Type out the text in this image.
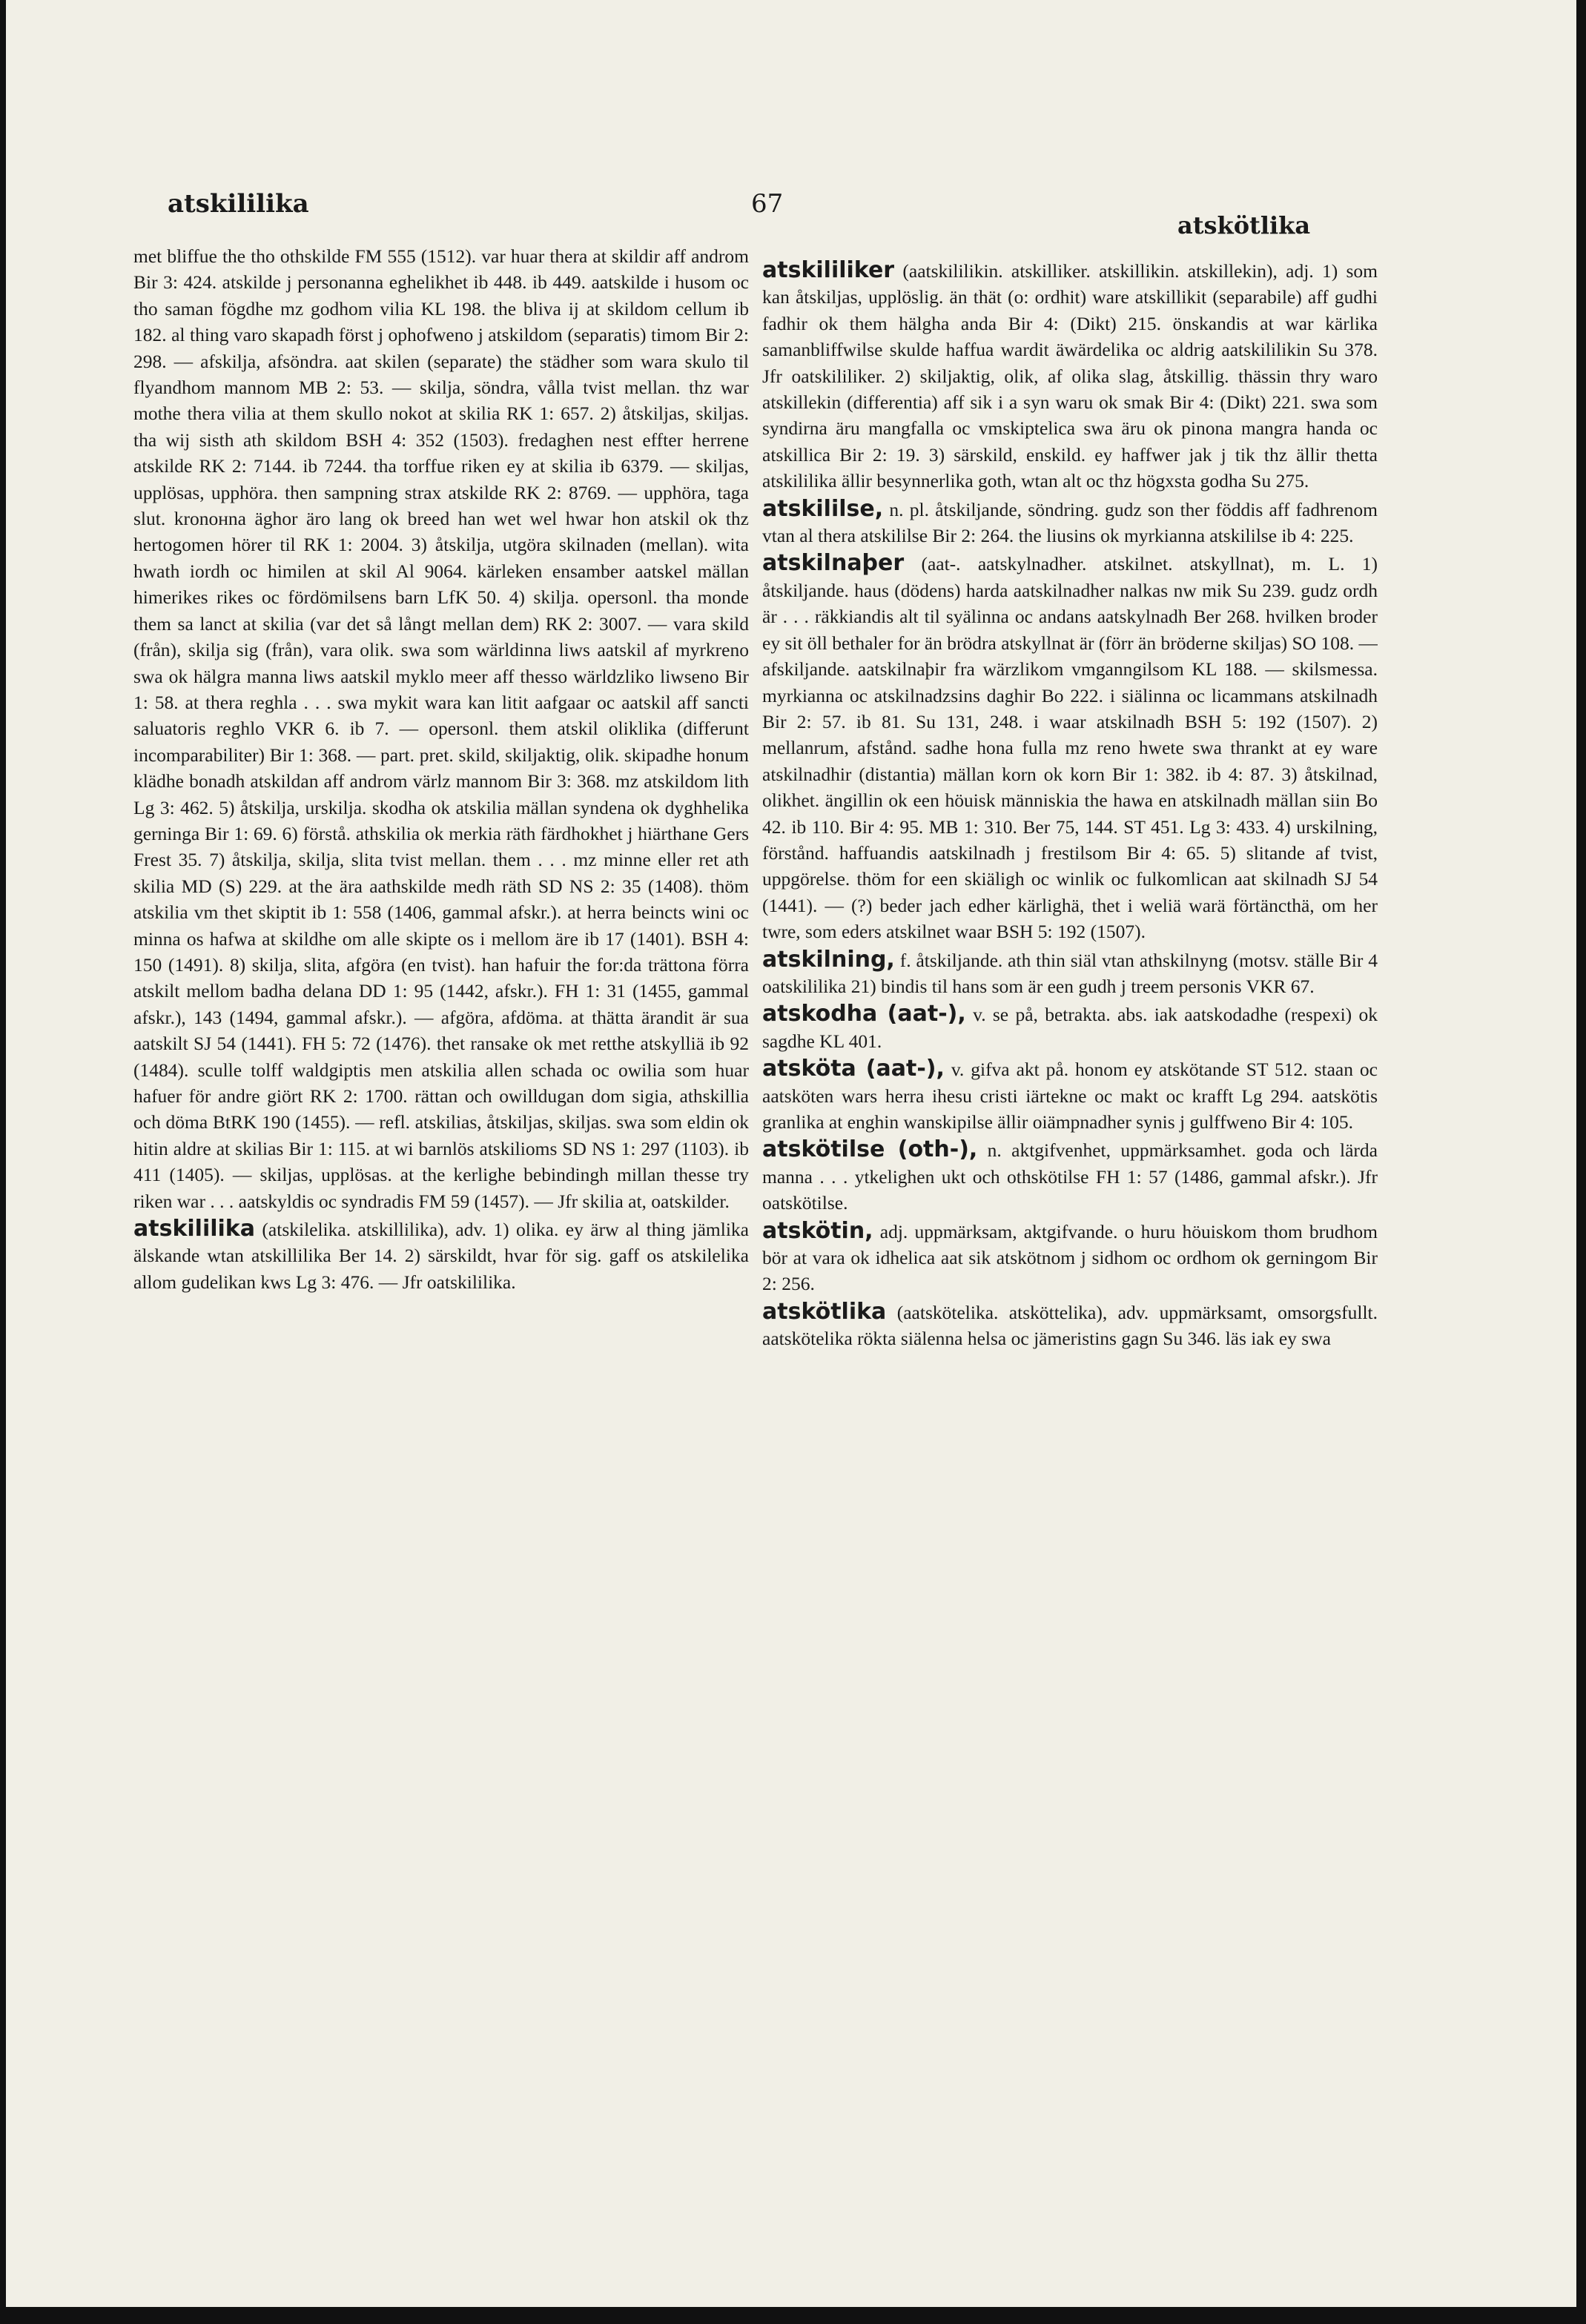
atskililika	67
atskötlika

met bliffue the tho othskilde FM 555 (1512). var huar thera at skildir aff androm Bir 3: 424. atskilde j personanna eghelikhet ib 448. ib 449. aatskilde i husom oc tho saman fögdhe mz godhom vilia KL 198. the bliva ij at skildom cellum ib 182. al thing varo skapadh först j ophofweno j atskildom (separatis) timom Bir 2: 298. — afskilja, afsöndra. aat skilen (separate) the städher som wara skulo til flyandhom mannom MB 2: 53. — skilja, söndra, vålla tvist mellan. thz war mothe thera vilia at them skullo nokot at skilia RK 1: 657. 2) åtskiljas, skiljas. tha wij sisth ath skildom BSH 4: 352 (1503). fredaghen nest effter herrene atskilde RK 2: 7144. ib 7244. tha torffue riken ey at skilia ib 6379. — skiljas, upplösas, upphöra. then sampning strax atskilde RK 2: 8769. — upphöra, taga slut. kronoнna äghor äro lang ok breed han wet wel hwar hon atskil ok thz hertogomen hörer til RK 1: 2004. 3) åtskilja, utgöra skilnaden (mellan). wita hwath iordh oc himilen at skil Al 9064. kärleken ensamber aatskel mällan himerikes rikes oc fördömilsens barn LfK 50. 4) skilja. opersonl. tha monde them sa lanct at skilia (var det så långt mellan dem) RK 2: 3007. — vara skild (från), skilja sig (från), vara olik. swa som wärldinna liws aatskil af myrkreno swa ok hälgra manna liws aatskil myklo meer aff thesso wärldzliko liwseno Bir 1: 58. at thera reghla . . . swa mykit wara kan litit aafgaar oc aatskil aff sancti saluatoris reghlo VKR 6. ib 7. — opersonl. them atskil oliklika (differunt incomparabiliter) Bir 1: 368. — part. pret. skild, skiljaktig, olik. skipadhe honum klädhe bonadh atskildan aff androm värlz mannom Bir 3: 368. mz atskildom lith Lg 3: 462. 5) åtskilja, urskilja. skodha ok atskilia mällan syndena ok dyghhelika gerninga Bir 1: 69. 6) förstå. athskilia ok merkia räth färdhokhet j hiärthane Gers Frest 35. 7) åtskilja, skilja, slita tvist mellan. them . . . mz minne eller ret ath skilia MD (S) 229. at the ära aathskilde medh räth SD NS 2: 35 (1408). thöm atskilia vm thet skiptit ib 1: 558 (1406, gammal afskr.). at herra beincts wini oc minna os hafwa at skildhe om alle skipte os i mellom äre ib 17 (1401). BSH 4: 150 (1491). 8) skilja, slita, afgöra (en tvist). han hafuir the for:da trättona förra atskilt mellom badha delana DD 1: 95 (1442, afskr.). FH 1: 31 (1455, gammal afskr.), 143 (1494, gammal afskr.). — afgöra, afdöma. at thätta ärandit är sua aatskilt SJ 54 (1441). FH 5: 72 (1476). thet ransake ok met retthe atskylliä ib 92 (1484). sculle tolff waldgiptis men atskilia allen schada oc owilia som huar hafuer för andre giört RK 2: 1700. rättan och owilldugan dom sigia, athskillia och döma BtRK 190 (1455). — refl. atskilias, åtskiljas, skiljas. swa som eldin ok hitin aldre at skilias Bir 1: 115. at wi barnlös atskilioms SD NS 1: 297 (1103). ib 411 (1405). — skiljas, upplösas. at the kerlighe bebindingh millan thesse try riken war . . . aatskyldis oc syndradis FM 59 (1457). — Jfr skilia at, oatskilder.

atskililika (atskilelika. atskillilika), adv. 1) olika. ey ärw al thing jämlika älskande wtan atskillilika Ber 14. 2) särskildt, hvar för sig. gaff os atskilelika allom gudelikan kws Lg 3: 476. — Jfr oatskililika.

atskililiker (aatskililikin. atskilliker. atskillikin. atskillekin), adj. 1) som kan åtskiljas, upplöslig. än thät (o: ordhit) ware atskillikit (separabile) aff gudhi fadhir ok them hälgha anda Bir 4: (Dikt) 215. önskandis at war kärlika samanbliffwilse skulde haffua wardit äwärdelika oc aldrig aatskililikin Su 378. Jfr oatskililiker. 2) skiljaktig, olik, af olika slag, åtskillig. thässin thry waro atskillekin (differentia) aff sik i a syn waru ok smak Bir 4: (Dikt) 221. swa som syndirna äru mangfalla oc vmskiptelica swa äru ok pinona mangra handa oc atskillica Bir 2: 19. 3) särskild, enskild. ey haffwer jak j tik thz ällir thetta atskililika ällir besynnerlika goth, wtan alt oc thz högxsta godha Su 275.

atskililse, n. pl. åtskiljande, söndring. gudz son ther föddis aff fadhrenom vtan al thera atskililse Bir 2: 264. the liusins ok myrkianna atskililse ib 4: 225.

atskilnaþer (aat-. aatskylnadher. atskilnet. atskyllnat), m. L. 1) åtskiljande. haus (dödens) harda aatskilnadher nalkas nw mik Su 239. gudz ordh är . . . räkkiandis alt til syälinna oc andans aatskylnadh Ber 268. hvilken broder ey sit öll bethaler for än brödra atskyllnat är (förr än bröderne skiljas) SO 108. — afskiljande. aatskilnaþir fra wärzlikom vmganngilsom KL 188. — skilsmessa. myrkianna oc atskilnadzsins daghir Bo 222. i siälinna oc licammans atskilnadh Bir 2: 57. ib 81. Su 131, 248. i waar atskilnadh BSH 5: 192 (1507). 2) mellanrum, afstånd. sadhe hona fulla mz reno hwete swa thrankt at ey ware atskilnadhir (distantia) mällan korn ok korn Bir 1: 382. ib 4: 87. 3) åtskilnad, olikhet. ängillin ok een höuisk människia the hawa en atskilnadh mällan siin Bo 42. ib 110. Bir 4: 95. MB 1: 310. Ber 75, 144. ST 451. Lg 3: 433. 4) urskilning, förstånd. haffuandis aatskilnadh j frestilsom Bir 4: 65. 5) slitande af tvist, uppgörelse. thöm for een skiäligh oc winlik oc fulkomlican aat skilnadh SJ 54 (1441). — (?) beder jach edher kärlighä, thet i weliä warä förtäncthä, om her twre, som eders atskilnet waar BSH 5: 192 (1507).

atskilning, f. åtskiljande. ath thin siäl vtan athskilnyng (motsv. ställe Bir 4 oatskililika 21) bindis til hans som är een gudh j treem personis VKR 67.

atskodha (aat-), v. se på, betrakta. abs. iak aatskodadhe (respexi) ok sagdhe KL 401.

atsköta (aat-), v. gifva akt på. honom ey atskötande ST 512. staan oc aatsköten wars herra ihesu cristi iärtekne oc makt oc krafft Lg 294. aatskötis granlika at enghin wanskipilse ällir oiämpnadher synis j gulffweno Bir 4: 105.

atskötilse (oth-), n. aktgifvenhet, uppmärksamhet. goda och lärda manna . . . ytkelighen ukt och othskötilse FH 1: 57 (1486, gammal afskr.). Jfr oatskötilse.

atskötin, adj. uppmärksam, aktgifvande. o huru höuiskom thom brudhom bör at vara ok idhelica aat sik atskötnom j sidhom oc ordhom ok gerningom Bir 2: 256.

atskötlika (aatskötelika. atsköttelika), adv. uppmärksamt, omsorgsfullt. aatskötelika rökta siälenna helsa oc jämeristins gagn Su 346. läs iak ey swa
